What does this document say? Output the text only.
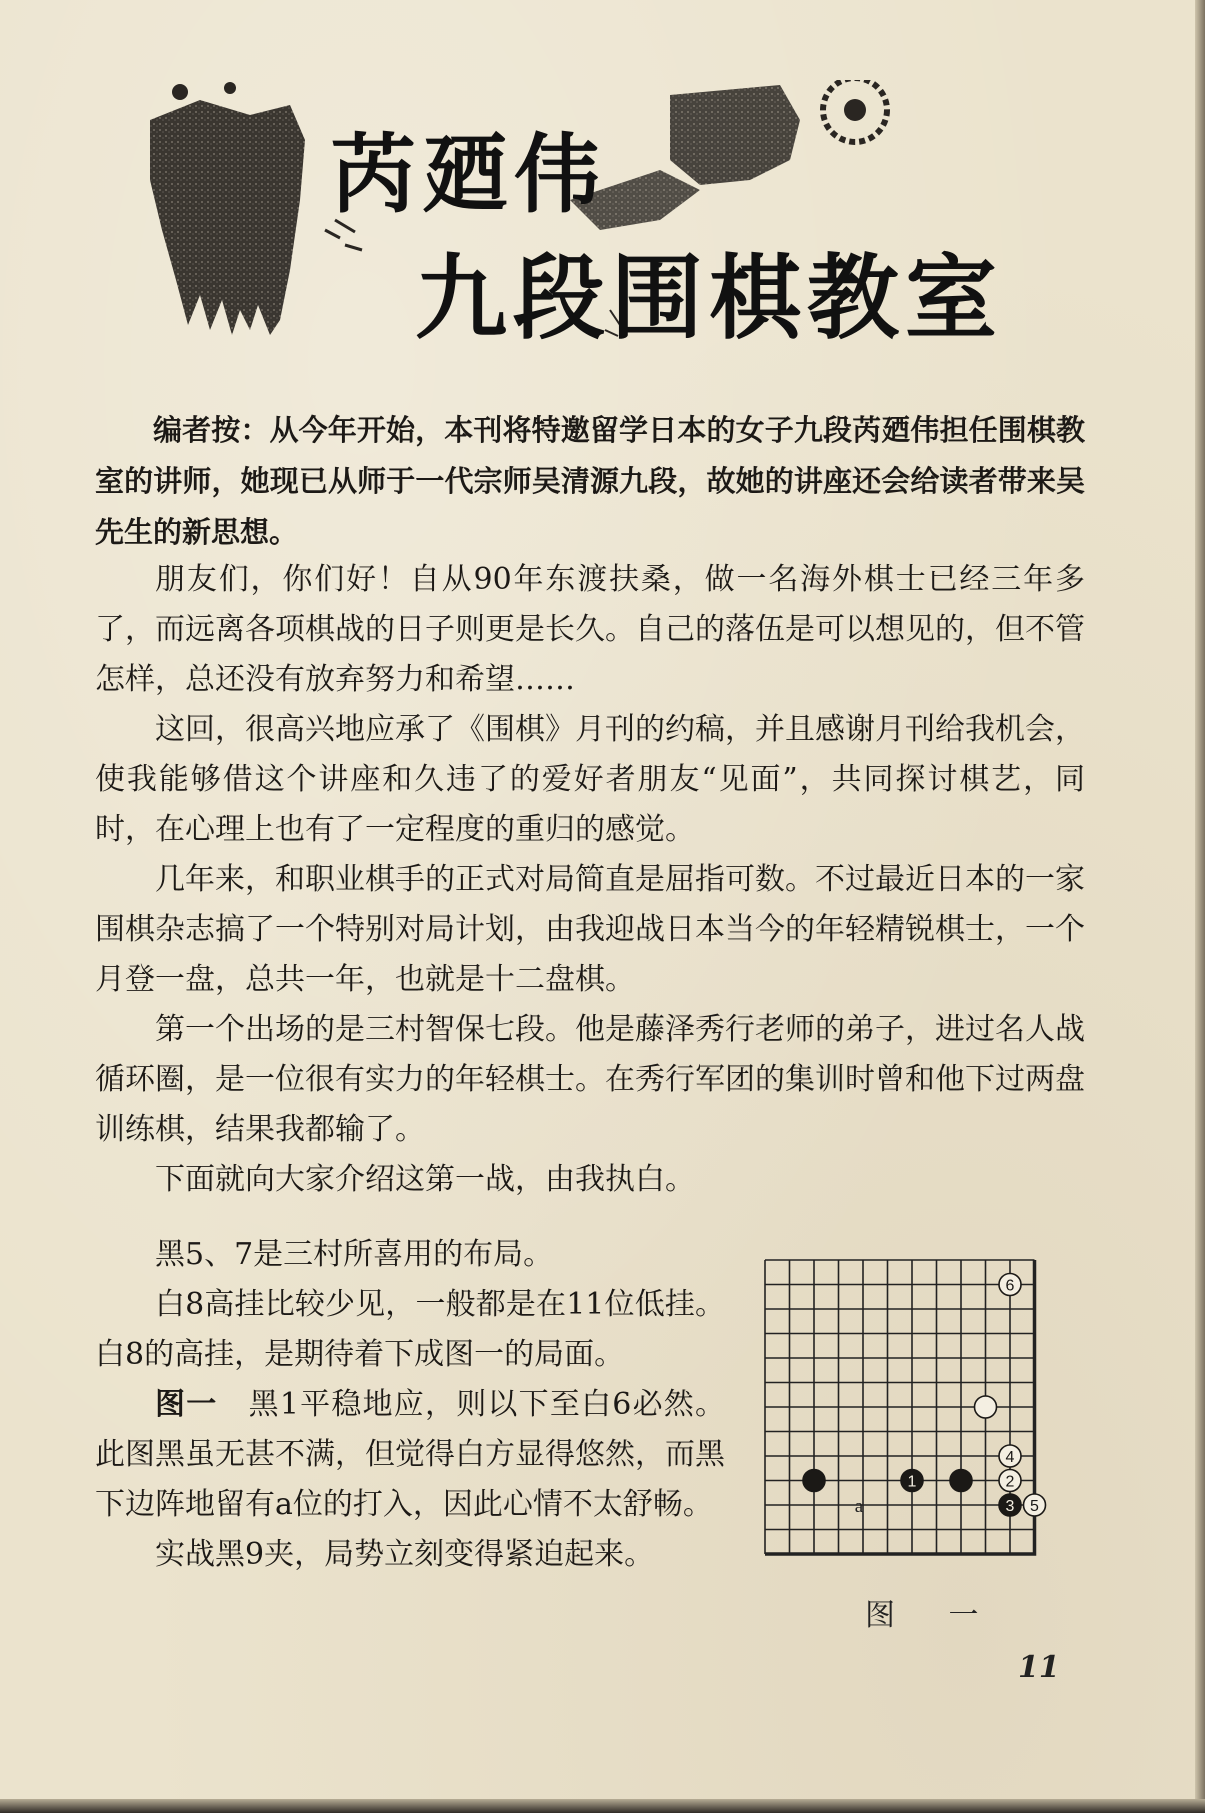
芮廼伟
九段围棋教室

编者按：从今年开始，本刊将特邀留学日本的女子九段芮廼伟担任围棋教室的讲师，她现已从师于一代宗师吴清源九段，故她的讲座还会给读者带来吴先生的新思想。

朋友们，你们好！自从90年东渡扶桑，做一名海外棋士已经三年多了，而远离各项棋战的日子则更是长久。自己的落伍是可以想见的，但不管怎样，总还没有放弃努力和希望……

这回，很高兴地应承了《围棋》月刊的约稿，并且感谢月刊给我机会，使我能够借这个讲座和久违了的爱好者朋友“见面”，共同探讨棋艺，同时，在心理上也有了一定程度的重归的感觉。

几年来，和职业棋手的正式对局简直是屈指可数。不过最近日本的一家围棋杂志搞了一个特别对局计划，由我迎战日本当今的年轻精锐棋士，一个月登一盘，总共一年，也就是十二盘棋。

第一个出场的是三村智保七段。他是藤泽秀行老师的弟子，进过名人战循环圈，是一位很有实力的年轻棋士。在秀行军团的集训时曾和他下过两盘训练棋，结果我都输了。

下面就向大家介绍这第一战，由我执白。

黑5、7是三村所喜用的布局。

白8高挂比较少见，一般都是在11位低挂。白8的高挂，是期待着下成图一的局面。

图一　黑1平稳地应，则以下至白6必然。此图黑虽无甚不满，但觉得白方显得悠然，而黑下边阵地留有a位的打入，因此心情不太舒畅。

实战黑9夹，局势立刻变得紧迫起来。

a
6
4
2
3 5
1
图 一
11
